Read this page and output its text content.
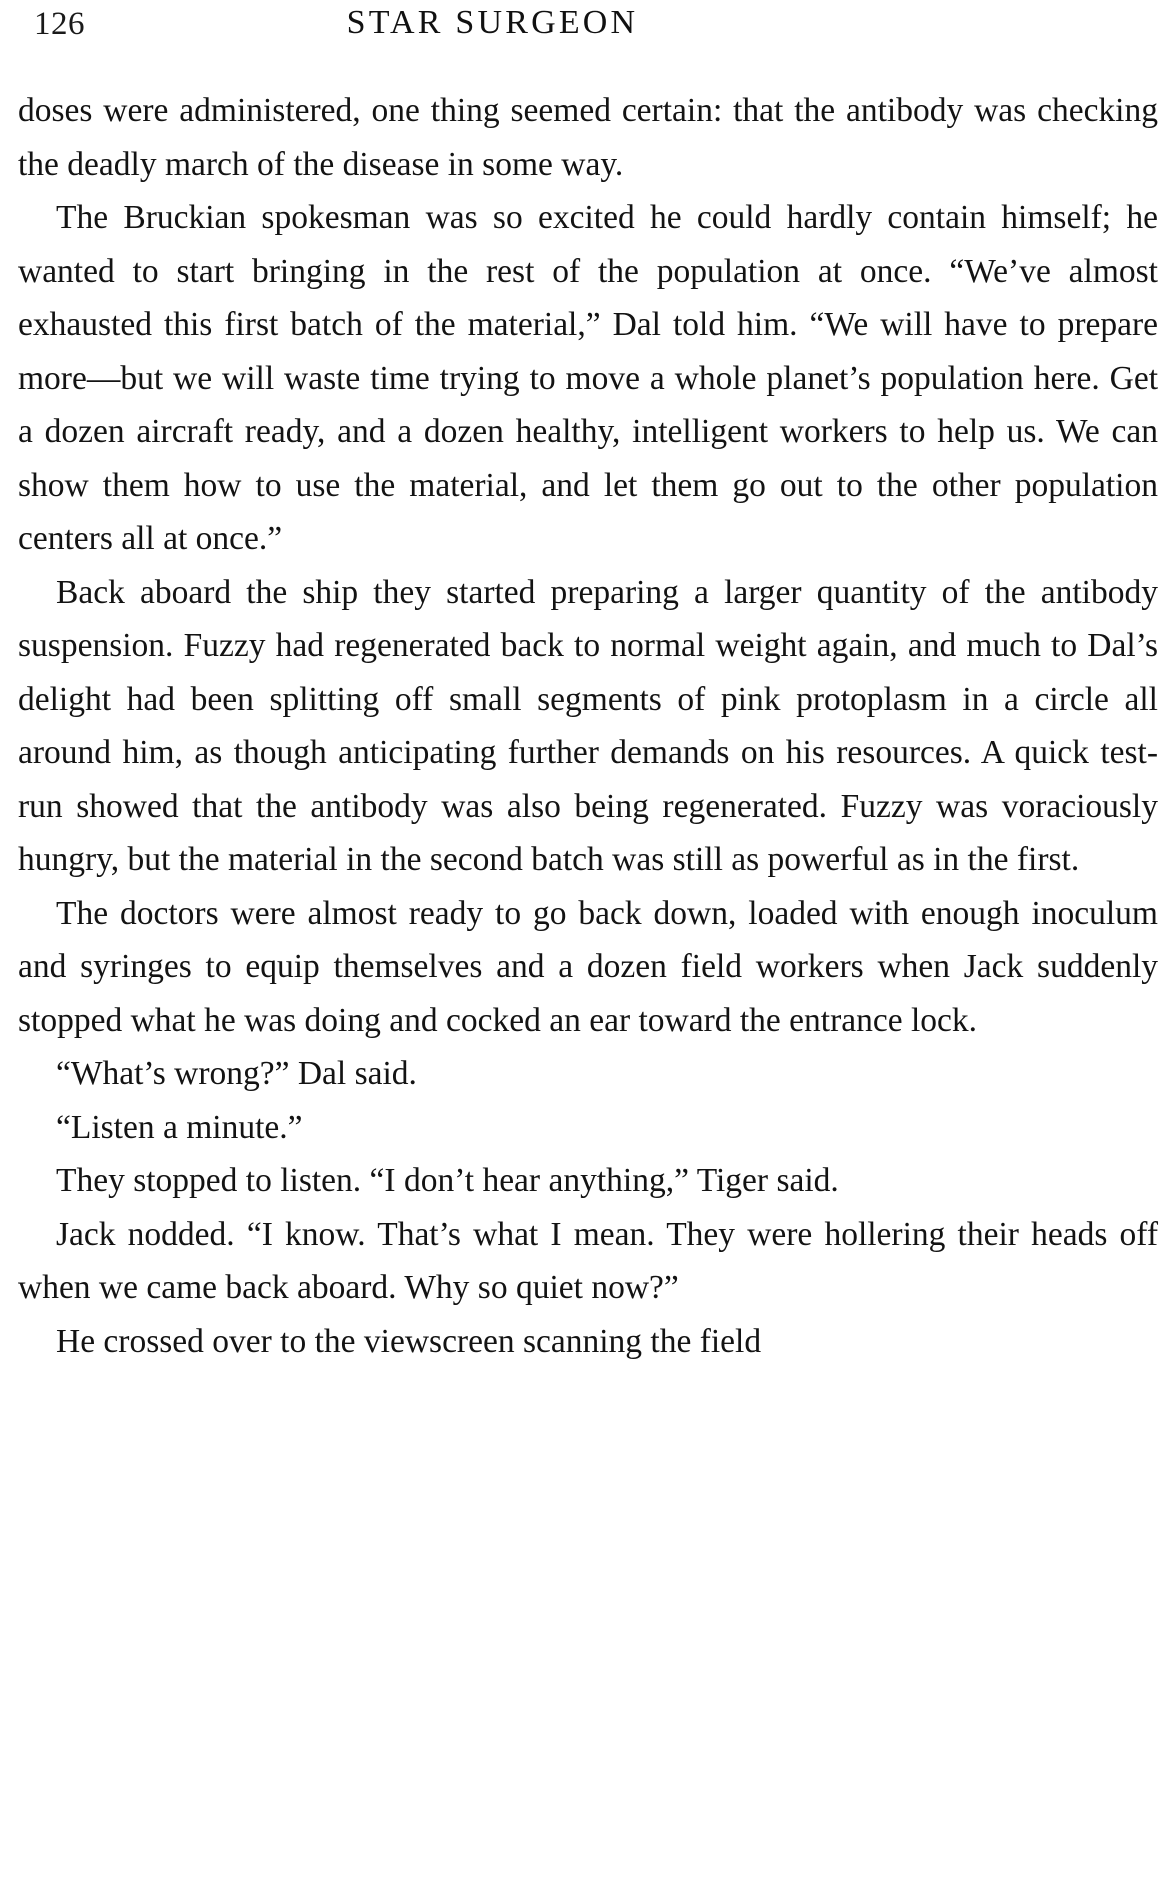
126	STAR SURGEON

doses were administered, one thing seemed certain: that the antibody was checking the deadly march of the disease in some way.

The Bruckian spokesman was so excited he could hardly contain himself; he wanted to start bringing in the rest of the population at once. “We’ve almost exhausted this first batch of the material,” Dal told him. “We will have to prepare more—but we will waste time trying to move a whole planet’s population here. Get a dozen aircraft ready, and a dozen healthy, intelligent workers to help us. We can show them how to use the material, and let them go out to the other population centers all at once.”

Back aboard the ship they started preparing a larger quantity of the antibody suspension. Fuzzy had regenerated back to normal weight again, and much to Dal’s delight had been splitting off small segments of pink protoplasm in a circle all around him, as though anticipating further demands on his resources. A quick test-run showed that the antibody was also being regenerated. Fuzzy was voraciously hungry, but the material in the second batch was still as powerful as in the first.

The doctors were almost ready to go back down, loaded with enough inoculum and syringes to equip themselves and a dozen field workers when Jack suddenly stopped what he was doing and cocked an ear toward the entrance lock.

“What’s wrong?” Dal said.

“Listen a minute.”

They stopped to listen. “I don’t hear anything,” Tiger said.

Jack nodded. “I know. That’s what I mean. They were hollering their heads off when we came back aboard. Why so quiet now?”

He crossed over to the viewscreen scanning the field
